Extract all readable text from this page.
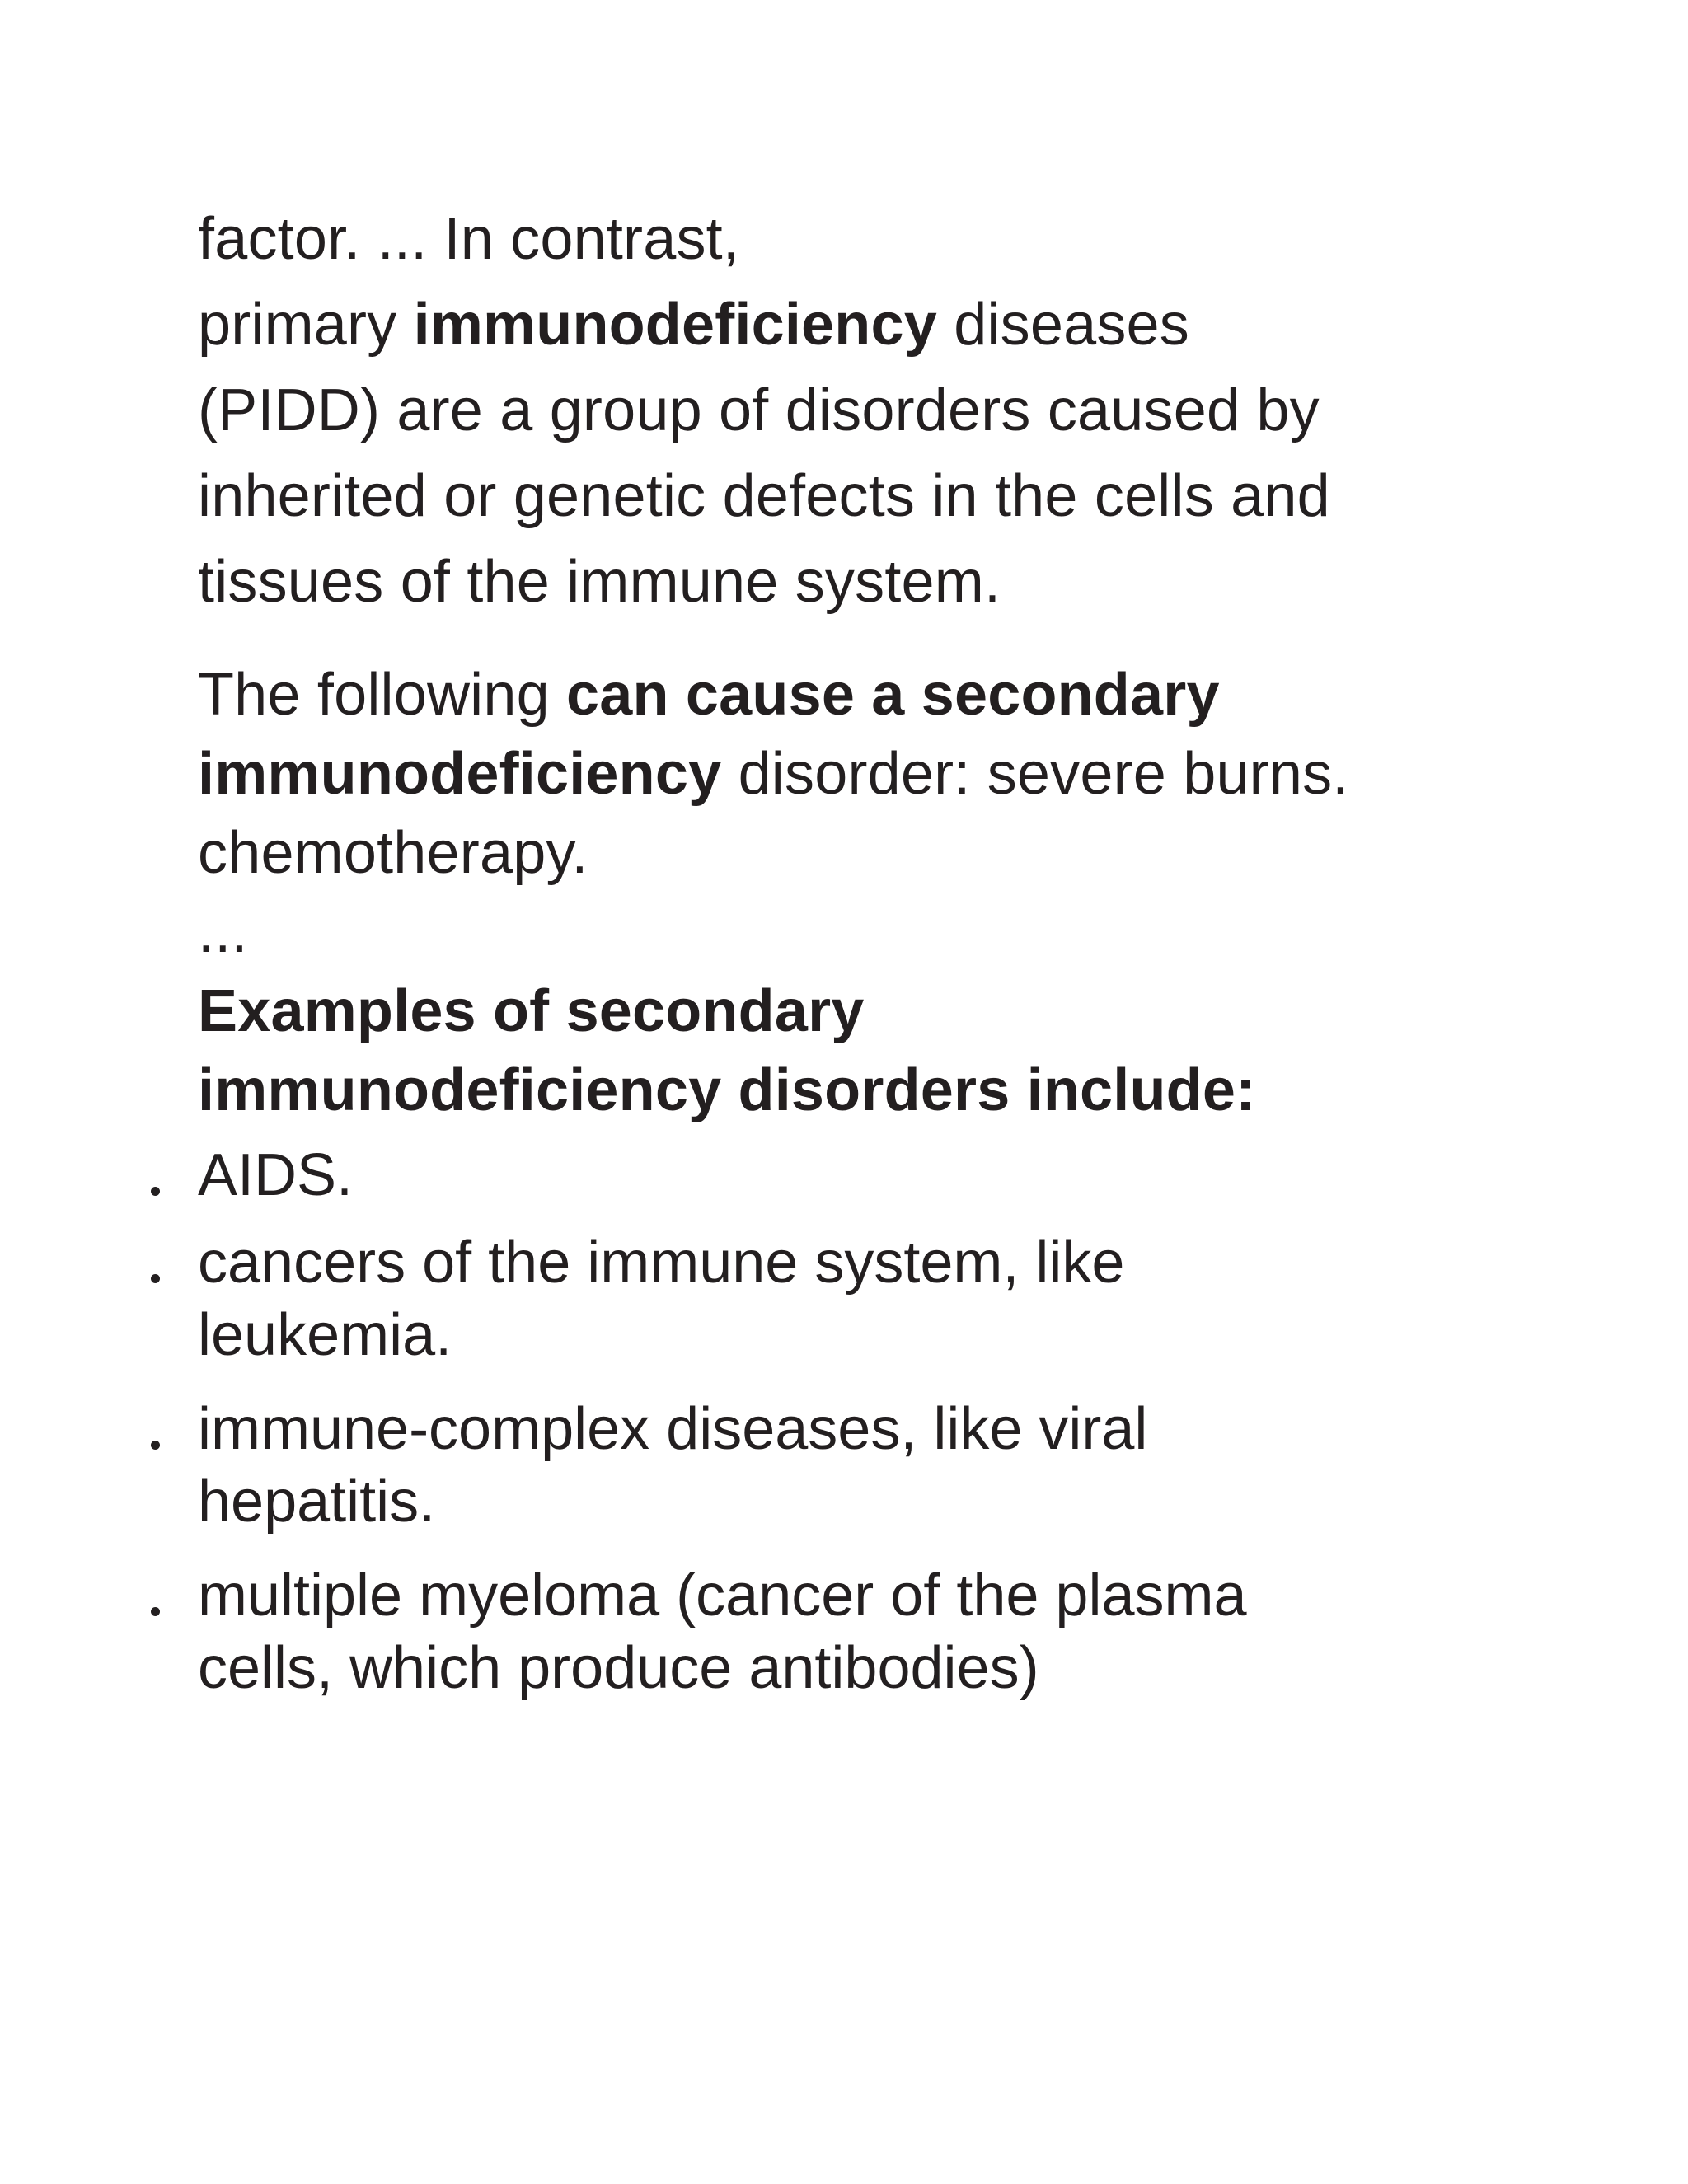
factor. ... In contrast,
primary immunodeficiency diseases
(PIDD) are a group of disorders caused by
inherited or genetic defects in the cells and
tissues of the immune system.
The following can cause a secondary
immunodeficiency disorder: severe burns.
chemotherapy.
...
Examples of secondary
immunodeficiency disorders include:
AIDS.
cancers of the immune system, like
leukemia.
immune-complex diseases, like viral
hepatitis.
multiple myeloma (cancer of the plasma
cells, which produce antibodies)
